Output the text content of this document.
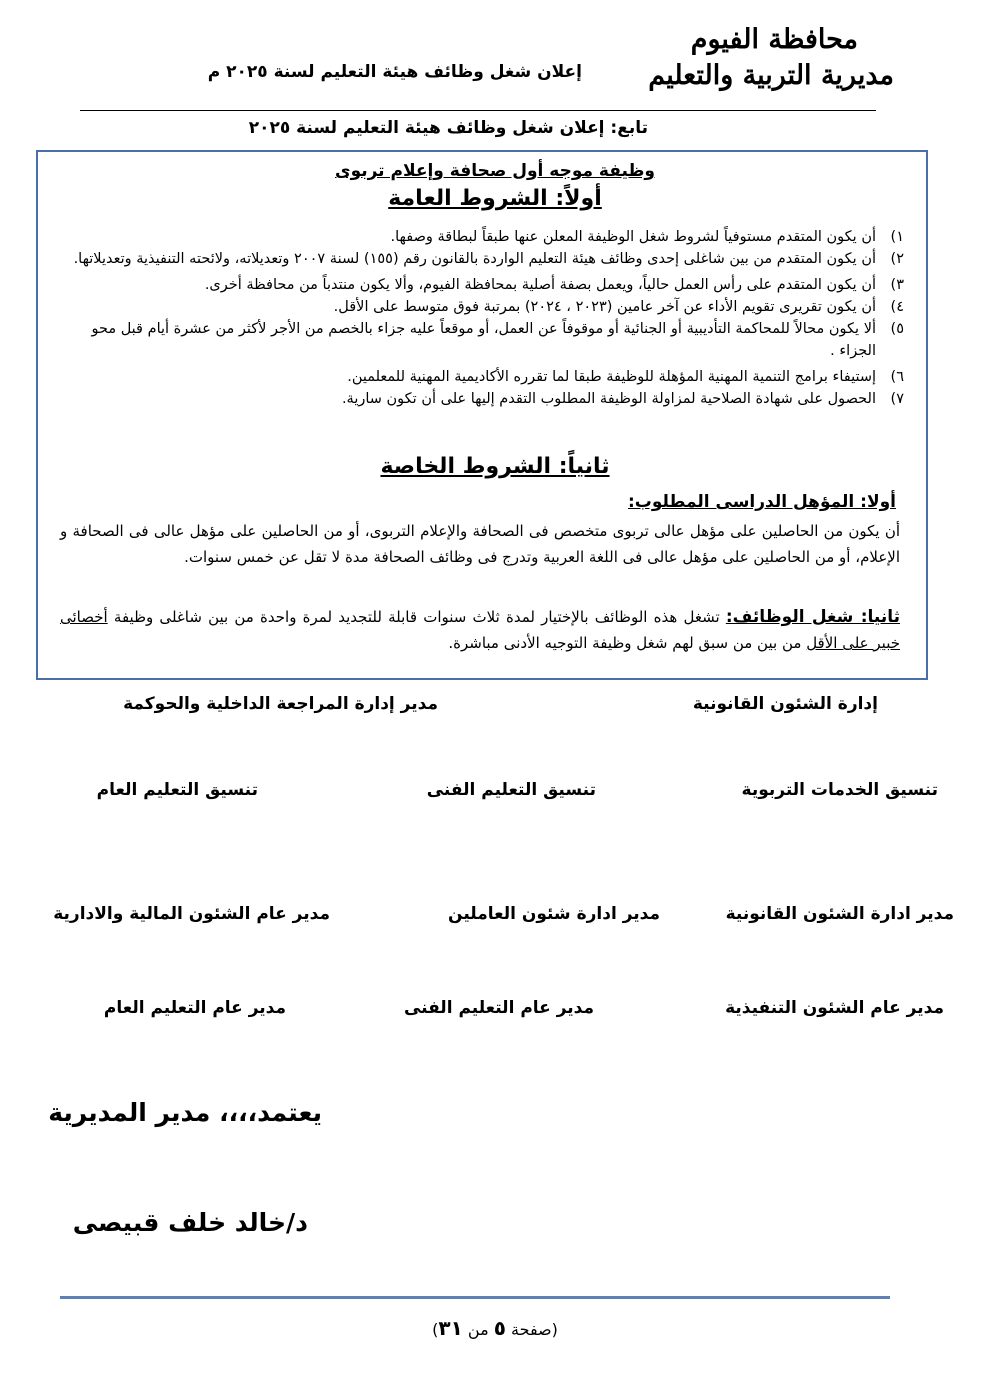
محافظة الفيوم
مديرية التربية والتعليم
إعلان شغل وظائف هيئة التعليم لسنة ٢٠٢٥ م
تابع: إعلان شغل وظائف هيئة التعليم لسنة ٢٠٢٥
وظيفة موجه أول صحافة وإعلام تربوى
أولاً: الشروط العامة
١)
أن يكون المتقدم مستوفياً لشروط شغل الوظيفة المعلن عنها طبقاً لبطاقة وصفها.
٢)
أن يكون المتقدم من بين شاغلى إحدى وظائف هيئة التعليم الواردة بالقانون رقم (١٥٥) لسنة ٢٠٠٧ وتعديلاته، ولائحته التنفيذية وتعديلاتها.
٣)
أن يكون المتقدم على رأس العمل حالياً، ويعمل بصفة أصلية بمحافظة الفيوم، وألا يكون منتدباً من محافظة أخرى.
٤)
أن يكون تقريرى تقويم الأداء عن آخر عامين (٢٠٢٣ ، ٢٠٢٤) بمرتبة فوق متوسط على الأقل.
٥)
ألا يكون محالاً للمحاكمة التأديبية أو الجنائية أو موقوفاً عن العمل، أو موقعاً عليه جزاء بالخصم من الأجر لأكثر من عشرة أيام قبل محو الجزاء .
٦)
إستيفاء برامج التنمية المهنية المؤهلة للوظيفة طبقا لما تقرره الأكاديمية المهنية للمعلمين.
٧)
الحصول على شهادة الصلاحية لمزاولة الوظيفة المطلوب التقدم إليها على أن تكون سارية.
ثانياً: الشروط الخاصة
أولا: المؤهل الدراسى المطلوب:
أن يكون من الحاصلين على مؤهل عالى تربوى متخصص فى الصحافة والإعلام التربوى، أو من الحاصلين على مؤهل عالى فى الصحافة و الإعلام، أو من الحاصلين على مؤهل عالى فى اللغة العربية وتدرج فى وظائف الصحافة مدة لا تقل عن خمس سنوات.
ثانيا: شغل الوظائف: تشغل هذه الوظائف بالإختيار لمدة ثلاث سنوات قابلة للتجديد لمرة واحدة من بين شاغلى وظيفة أخصائى خبير على الأقل من بين من سبق لهم شغل وظيفة التوجيه الأدنى مباشرة.
إدارة الشئون القانونية
مدير إدارة المراجعة الداخلية والحوكمة
تنسيق الخدمات التربوية
تنسيق التعليم الفنى
تنسيق التعليم العام
مدير ادارة الشئون القانونية
مدير ادارة شئون العاملين
مدير عام الشئون المالية والادارية
مدير عام الشئون التنفيذية
مدير عام التعليم الفنى
مدير عام التعليم العام
يعتمد،،،، مدير المديرية
د/خالد خلف قبيصى
(صفحة ٥ من ٣١)
